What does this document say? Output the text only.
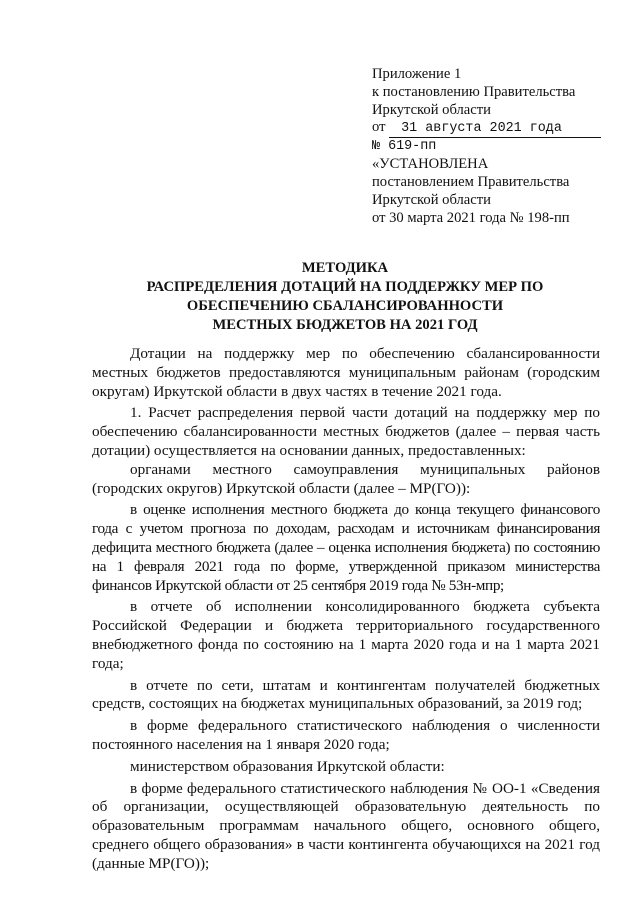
Приложение 1
к постановлению Правительства
Иркутской области
от 31 августа 2021 года
№ 619-пп
«УСТАНОВЛЕНА
постановлением Правительства
Иркутской области
от 30 марта 2021 года № 198-пп
МЕТОДИКА
РАСПРЕДЕЛЕНИЯ ДОТАЦИЙ НА ПОДДЕРЖКУ МЕР ПО
ОБЕСПЕЧЕНИЮ СБАЛАНСИРОВАННОСТИ
МЕСТНЫХ БЮДЖЕТОВ НА 2021 ГОД

Дотации на поддержку мер по обеспечению сбалансированности местных бюджетов предоставляются муниципальным районам (городским округам) Иркутской области в двух частях в течение 2021 года.

1. Расчет распределения первой части дотаций на поддержку мер по обеспечению сбалансированности местных бюджетов (далее – первая часть дотации) осуществляется на основании данных, предоставленных:

органами местного самоуправления муниципальных районов (городских округов) Иркутской области (далее – МР(ГО)):

в оценке исполнения местного бюджета до конца текущего финансового года с учетом прогноза по доходам, расходам и источникам финансирования дефицита местного бюджета (далее – оценка исполнения бюджета) по состоянию на 1 февраля 2021 года по форме, утвержденной приказом министерства финансов Иркутской области от 25 сентября 2019 года № 53н-мпр;

в отчете об исполнении консолидированного бюджета субъекта Российской Федерации и бюджета территориального государственного внебюджетного фонда по состоянию на 1 марта 2020 года и на 1 марта 2021 года;

в отчете по сети, штатам и контингентам получателей бюджетных средств, состоящих на бюджетах муниципальных образований, за 2019 год;

в форме федерального статистического наблюдения о численности постоянного населения на 1 января 2020 года;

министерством образования Иркутской области:

в форме федерального статистического наблюдения № ОО-1 «Сведения об организации, осуществляющей образовательную деятельность по образовательным программам начального общего, основного общего, среднего общего образования» в части контингента обучающихся на 2021 год (данные МР(ГО));
